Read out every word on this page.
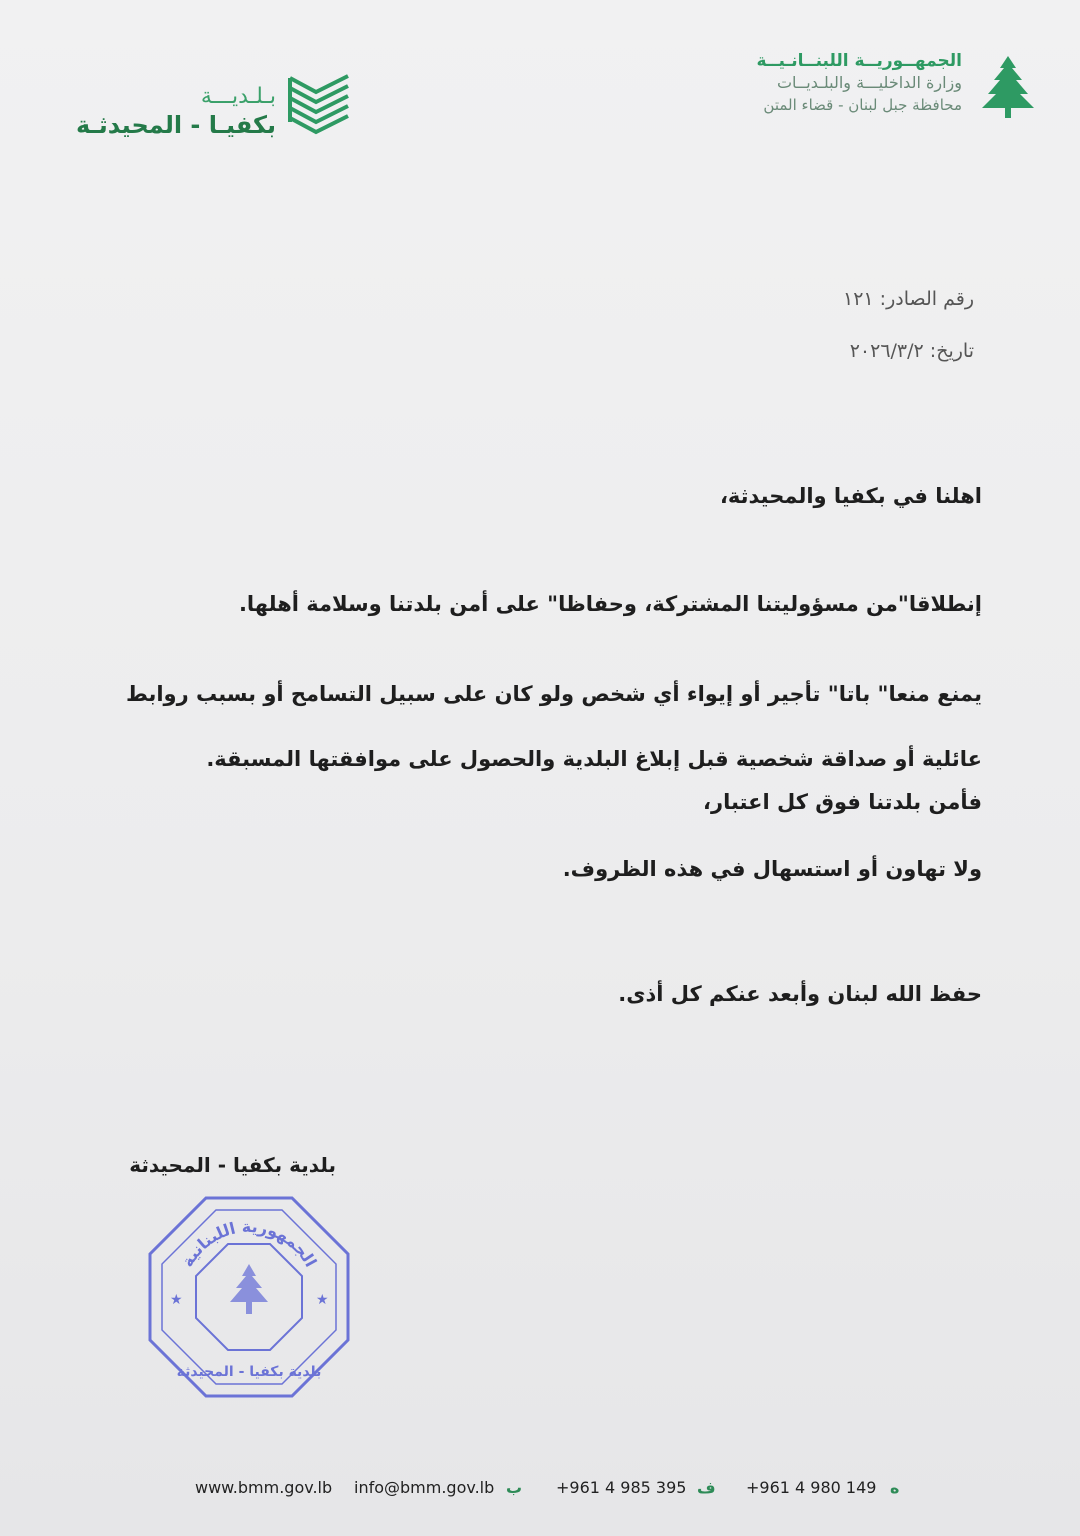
الجمهــوريــة اللبنــانـيــة
وزارة الداخليـــة والبلـديــات
محافظة جبل لبنان - قضاء المتن
بـلـديـــة
بكفيـا - المحيدثـة
رقم الصادر: ١٢١
تاريخ: ٢٠٢٦/٣/٢
اهلنا في بكفيا والمحيدثة،
إنطلاقا"من مسؤوليتنا المشتركة، وحفاظا" على أمن بلدتنا وسلامة أهلها.
يمنع منعا" باتا" تأجير أو إيواء أي شخص ولو كان على سبيل التسامح أو بسبب روابط عائلية أو صداقة شخصية قبل إبلاغ البلدية والحصول على موافقتها المسبقة.
فأمن بلدتنا فوق كل اعتبار،
ولا تهاون أو استسهال في هذه الظروف.
حفظ الله لبنان وأبعد عنكم كل أذى.
بلدية بكفيا - المحيدثة
الجمهورية اللبنانية
بلدية بكفيا - المحيدثة
★	★
www.bmm.gov.lb info@bmm.gov.lb ب +961 4 985 395 ف +961 4 980 149 ه
